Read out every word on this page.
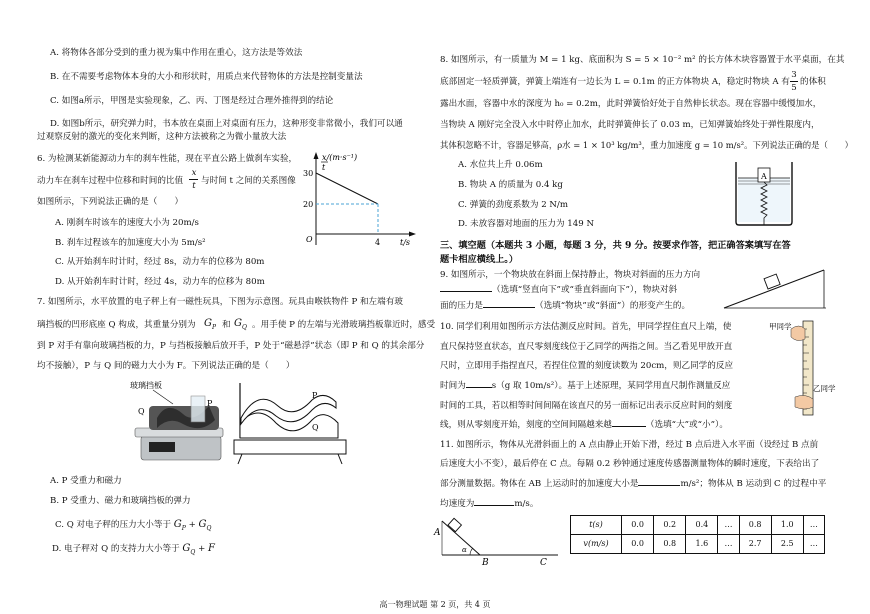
A. 将物体各部分受到的重力视为集中作用在重心，这方法是等效法
B. 在不需要考虑物体本身的大小和形状时，用质点来代替物体的方法是控制变量法
C. 如图a所示，甲图是实验现象，乙、丙、丁图是经过合理外推得到的结论
D. 如图b所示，研究弹力时，书本放在桌面上对桌面有压力，这种形变非常微小，我们可以通
过观察反射的激光的变化来判断，这种方法被称之为微小量放大法
6. 为检测某新能源动力车的刹车性能，现在平直公路上做刹车实验，
动力车在刹车过程中位移和时间的比值
x
t 与时间 t 之间的关系图像
如图所示，下列说法正确的是（　　）
A. 刚刹车时该车的速度大小为 20m/s
B. 刹车过程该车的加速度大小为 5m/s²
C. 从开始刹车时计时，经过 8s，动力车的位移为 80m
D. 从开始刹车时计时，经过 4s，动力车的位移为 80m
x/(m·s⁻¹)
t
30
20
O	4 t/s
7. 如图所示，水平放置的电子秤上有一磁性玩具，下图为示意图。玩具由喉铁物件 P 和左端有玻
璃挡板的凹形底座 Q 构成，其重量分别为 $G_P$ 和 $G_Q$ 。用手使 P 的左端与光滑玻璃挡板靠近时，感受
到 P 对手有靠向玻璃挡板的力，P 与挡板接触后放开手，P 处于“磁悬浮”状态（即 P 和 Q 的其余部分
均不接触），P 与 Q 间的磁力大小为 F。下列说法正确的是（　　）
玻璃挡板
Q
P
P
Q
A. P 受重力和磁力
B. P 受重力、磁力和玻璃挡板的弹力
C. Q 对电子秤的压力大小等于 $G_P + G_Q$
D. 电子秤对 Q 的支持力大小等于 $G_Q + F$
8. 如图所示，有一质量为 M = 1 kg、底面积为 S = 5 × 10⁻² m² 的长方体木块容器置于水平桌面，在其
底部固定一轻质弹簧，弹簧上端连有一边长为 L = 0.1m 的正方体物块 A，稳定时物块 A 有
3
5
的体积
露出水面，容器中水的深度为 h₀ = 0.2m，此时弹簧恰好处于自然伸长状态。现在容器中缓慢加水，
当物块 A 刚好完全没入水中时停止加水，此时弹簧伸长了 0.03 m，已知弹簧始终处于弹性限度内，
其体积忽略不计，容器足够高，ρ水 = 1 × 10³ kg/m³，重力加速度 g = 10 m/s²。下列说法正确的是（　　）
A. 水位共上升 0.06m
B. 物块 A 的质量为 0.4 kg
C. 弹簧的劲度系数为 2 N/m
D. 未放容器对地面的压力为 149 N
A
三、填空题（本题共 3 小题，每题 3 分，共 9 分。按要求作答，把正确答案填写在答
题卡相应横线上。）
9. 如图所示，一个物块放在斜面上保持静止，物块对斜面的压力方向
（选填“竖直向下”或“垂直斜面向下”），物块对斜
面的压力是	（选填“物块”或“斜面”）的形变产生的。
10. 同学们利用如图所示方法估测反应时间。首先，甲同学捏住直尺上端，使
直尺保持竖直状态，直尺零刻度线位于乙同学的两指之间。当乙看见甲放开直
尺时，立即用手指捏直尺，若捏住位置的刻度读数为 20cm，则乙同学的反应
时间为	s（g 取 10m/s²）。基于上述原理，某同学用直尺制作测量反应
时间的工具，若以相等时间间隔在该直尺的另一面标记出表示反应时间的刻度
线，则从零刻度开始，刻度的空间间隔越来越	（选填“大”或“小”）。
甲同学
乙同学
11. 如图所示，物体从光滑斜面上的 A 点由静止开始下滑，经过 B 点后进入水平面（设经过 B 点前
后速度大小不变），最后停在 C 点。每隔 0.2 秒钟通过速度传感器测量物体的瞬时速度，下表给出了
部分测量数据。物体在 AB 上运动时的加速度大小是	m/s²；物体从 B 运动到 C 的过程中平
均速度为	m/s。
α
A
B	C
t(s)	0.0	0.2	0.4	…	0.8	1.0	…
v(m/s)	0.0	0.8	1.6	…	2.7	2.5	…
高一物理试题 第 2 页，共 4 页
